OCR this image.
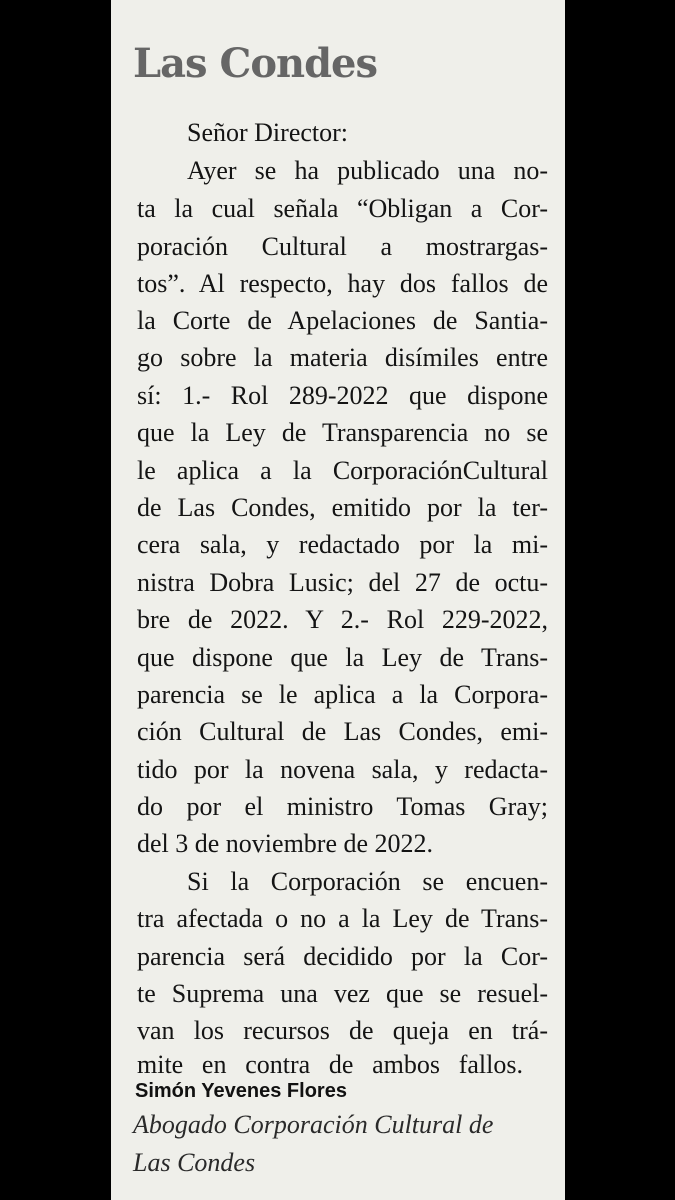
Las Condes
Señor Director:
Ayer se ha publicado una no-
ta la cual señala “Obligan a Cor-
poración Cultural a mostrargas-
tos”. Al respecto, hay dos fallos de
la Corte de Apelaciones de Santia-
go sobre la materia disímiles entre
sí: 1.- Rol 289-2022 que dispone
que la Ley de Transparencia no se
le aplica a la CorporaciónCultural
de Las Condes, emitido por la ter-
cera sala, y redactado por la mi-
nistra Dobra Lusic; del 27 de octu-
bre de 2022. Y 2.- Rol 229-2022,
que dispone que la Ley de Trans-
parencia se le aplica a la Corpora-
ción Cultural de Las Condes, emi-
tido por la novena sala, y redacta-
do por el ministro Tomas Gray;
del 3 de noviembre de 2022.
Si la Corporación se encuen-
tra afectada o no a la Ley de Trans-
parencia será decidido por la Cor-
te Suprema una vez que se resuel-
van los recursos de queja en trá-
mite en contra de ambos fallos.
Simón Yevenes Flores
Abogado Corporación Cultural de
Las Condes
